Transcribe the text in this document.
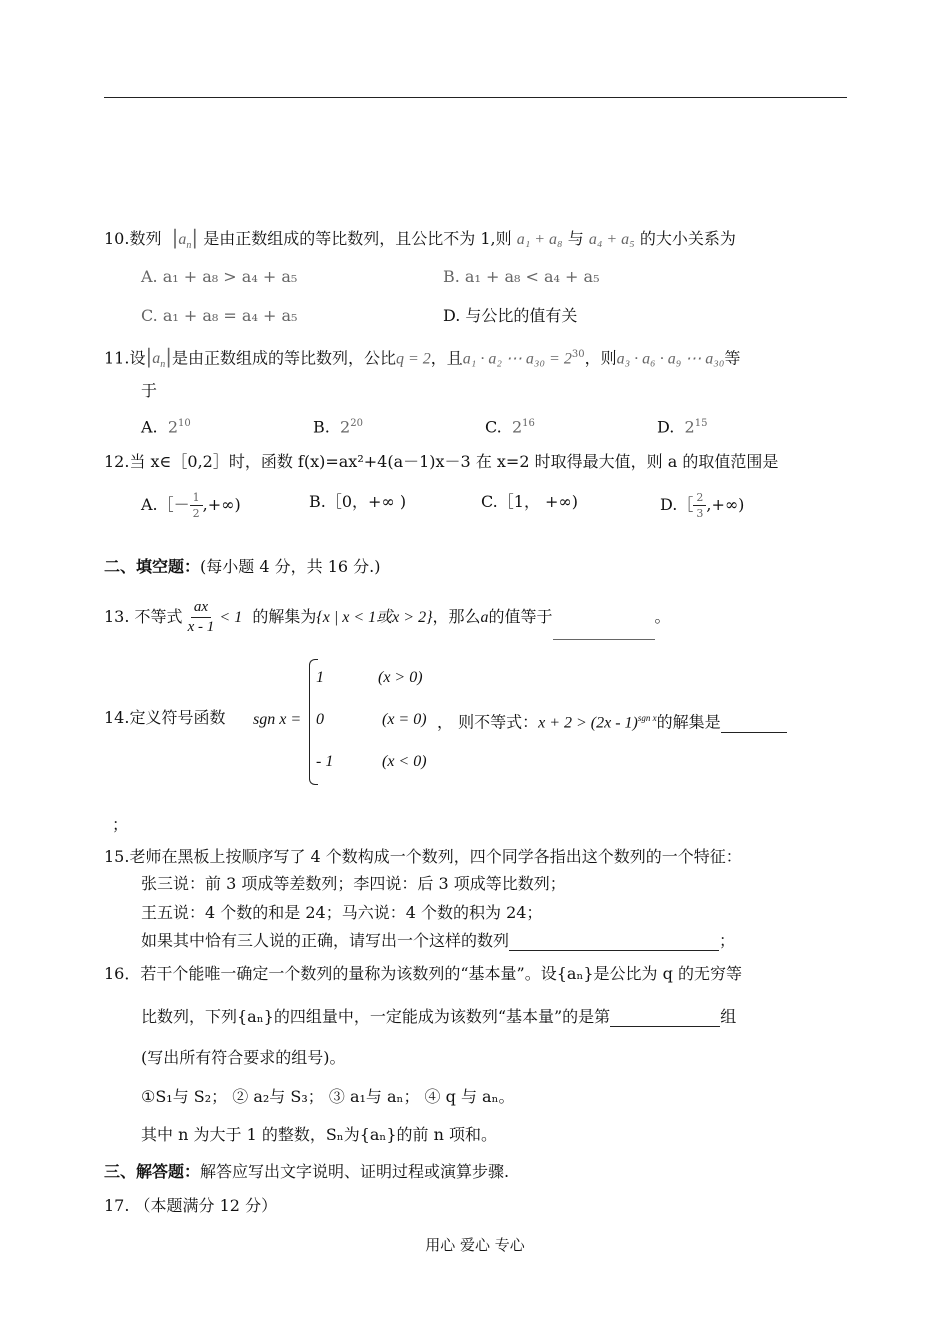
10.数列 $|a_n|$ 是由正数组成的等比数列，且公比不为 1,则 a₁ + a₈ 与 a₄ + a₅ 的大小关系为
A. a₁ + a₈ > a₄ + a₅	B. a₁ + a₈ < a₄ + a₅
C. a₁ + a₈ = a₄ + a₅	D. 与公比的值有关
11.设$|a_n|$是由正数组成的等比数列，公比q = 2，且a₁ · a₂ ⋯ $a_{30} = 2^{30}$，则a₃ · a₆ · a₉ ⋯ a₃₀等
于
A. $2^{10}$	B. $2^{20}$	C. $2^{16}$	D. $2^{15}$
12.当 x∈［0,2］时，函数 f(x)=ax²+4(a－1)x－3 在 x=2 时取得最大值，则 a 的取值范围是
A.［－ $\frac{1}{2}$ ,+∞)	B.［0，+∞ )	C.［1， +∞)	D.［ $\frac{2}{3}$ ,+∞)
二、填空题：(每小题 4 分，共 16 分.)
13. 不等式 $\frac{ax}{x - 1} < 1$ 的解集为{x | x < 1或x > 2}，那么a的值等于	。
14.定义符号函数 sgn x =
1	(x > 0)
0	(x = 0)
- 1	(x < 0)
， 则不等式：x + 2 > (2x - 1)$^{sgn x}$的解集是
；
15.老师在黑板上按顺序写了 4 个数构成一个数列，四个同学各指出这个数列的一个特征：
张三说：前 3 项成等差数列；李四说：后 3 项成等比数列；
王五说：4 个数的和是 24；马六说：4 个数的积为 24；
如果其中恰有三人说的正确，请写出一个这样的数列	；
16．若干个能唯一确定一个数列的量称为该数列的“基本量”。设{aₙ}是公比为 q 的无穷等
比数列，下列{aₙ}的四组量中，一定能成为该数列“基本量”的是第	组
(写出所有符合要求的组号)。
①S₁与 S₂； ② a₂与 S₃； ③ a₁与 aₙ； ④ q 与 aₙ。
其中 n 为大于 1 的整数，Sₙ为{aₙ}的前 n 项和。
三、解答题：解答应写出文字说明、证明过程或演算步骤.
17. （本题满分 12 分）
用心 爱心 专心
